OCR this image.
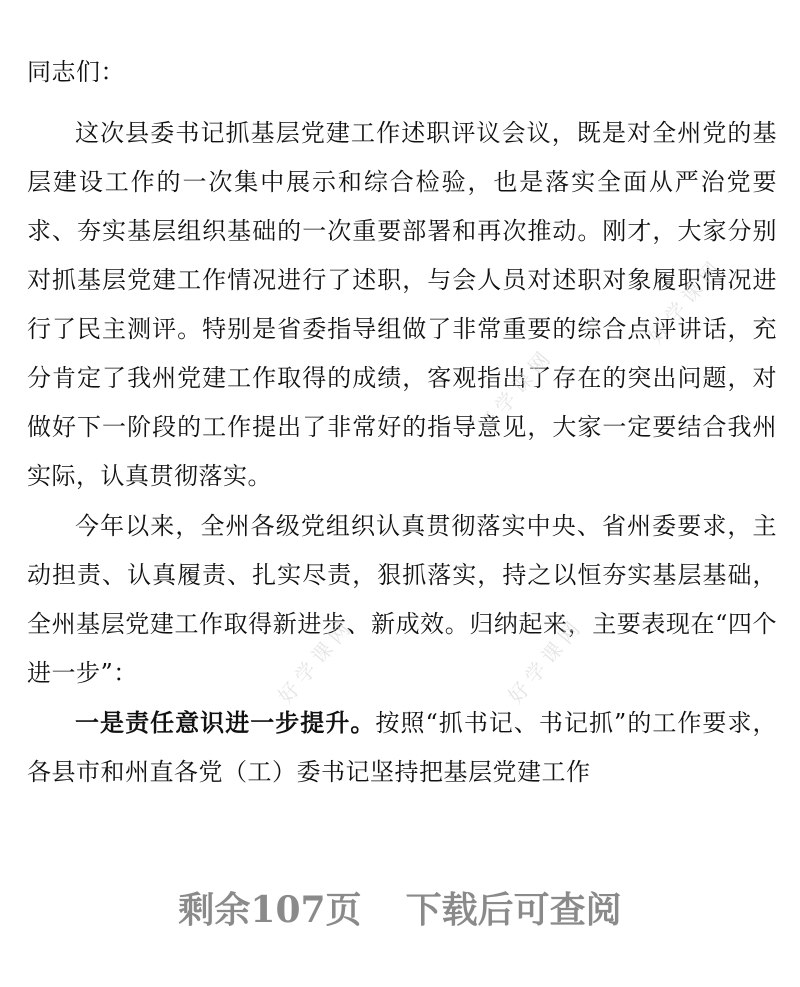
同志们：

这次县委书记抓基层党建工作述职评议会议，既是对全州党的基层建设工作的一次集中展示和综合检验，也是落实全面从严治党要求、夯实基层组织基础的一次重要部署和再次推动。刚才，大家分别对抓基层党建工作情况进行了述职，与会人员对述职对象履职情况进行了民主测评。特别是省委指导组做了非常重要的综合点评讲话，充分肯定了我州党建工作取得的成绩，客观指出了存在的突出问题，对做好下一阶段的工作提出了非常好的指导意见，大家一定要结合我州实际，认真贯彻落实。

今年以来，全州各级党组织认真贯彻落实中央、省州委要求，主动担责、认真履责、扎实尽责，狠抓落实，持之以恒夯实基层基础，全州基层党建工作取得新进步、新成效。归纳起来，主要表现在“四个进一步”：

一是责任意识进一步提升。按照“抓书记、书记抓”的工作要求，各县市和州直各党（工）委书记坚持把基层党建工作

好学课网
好学课网
好学课网
好学课网
剩余107页 下载后可查阅
